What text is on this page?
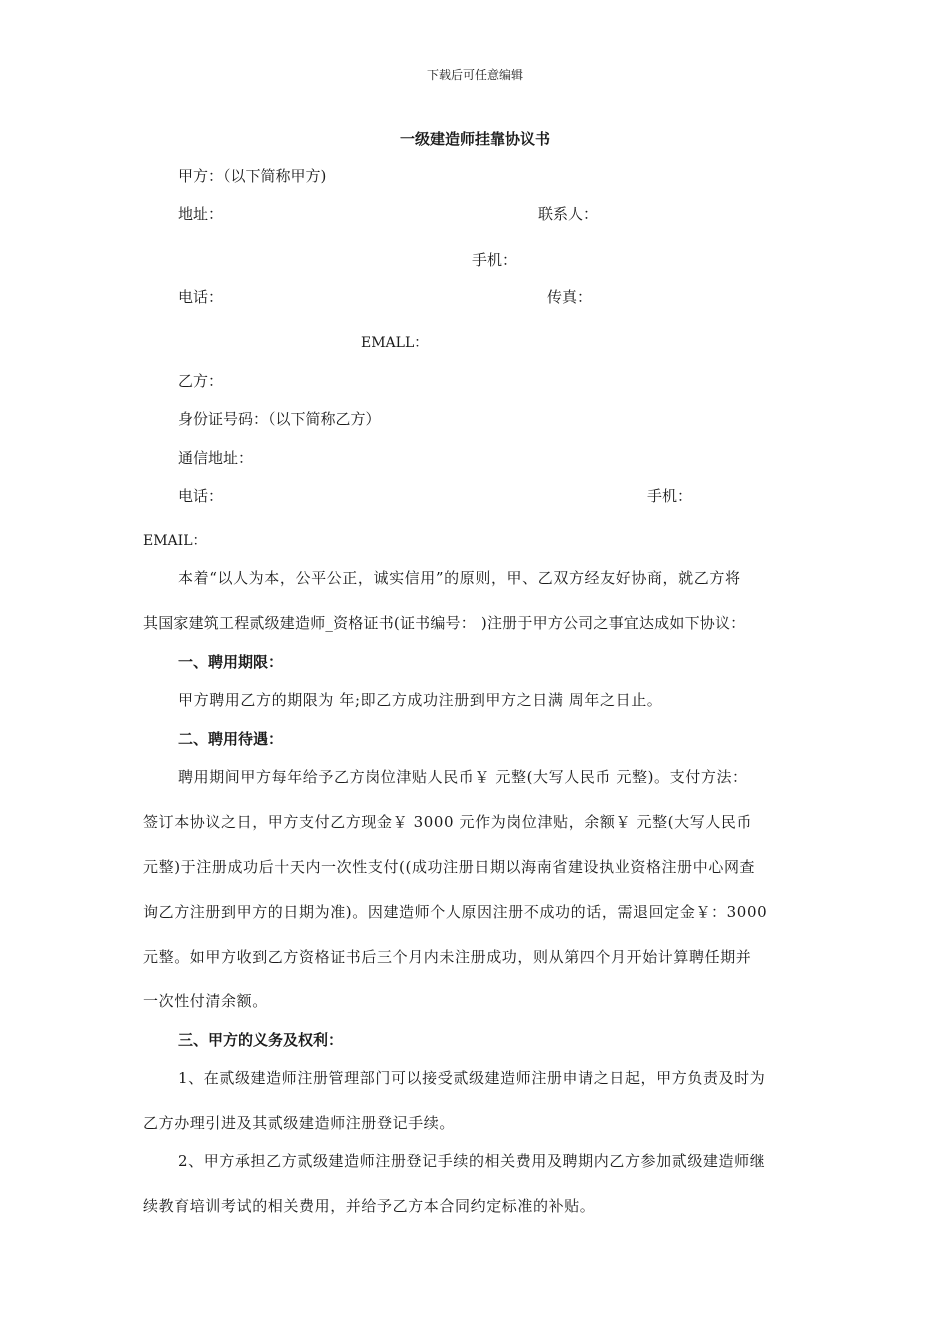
下载后可任意编辑
一级建造师挂靠协议书
甲方：（以下简称甲方)
地址：	联系人：
手机：
电话：	传真：
EMALL：
乙方：
身份证号码：（以下简称乙方）
通信地址：
电话：	手机：
EMAIL：
本着“以人为本，公平公正，诚实信用”的原则，甲、乙双方经友好协商，就乙方将
其国家建筑工程贰级建造师_资格证书(证书编号： )注册于甲方公司之事宜达成如下协议：
一、聘用期限：
甲方聘用乙方的期限为 年;即乙方成功注册到甲方之日满 周年之日止。
二、聘用待遇：
聘用期间甲方每年给予乙方岗位津贴人民币￥ 元整(大写人民币 元整)。支付方法：
签订本协议之日，甲方支付乙方现金￥ 3000 元作为岗位津贴，余额￥ 元整(大写人民币
元整)于注册成功后十天内一次性支付((成功注册日期以海南省建设执业资格注册中心网查
询乙方注册到甲方的日期为准)。因建造师个人原因注册不成功的话，需退回定金￥：3000
元整。如甲方收到乙方资格证书后三个月内未注册成功，则从第四个月开始计算聘任期并
一次性付清余额。
三、甲方的义务及权利：
1、在贰级建造师注册管理部门可以接受贰级建造师注册申请之日起，甲方负责及时为
乙方办理引进及其贰级建造师注册登记手续。
2、甲方承担乙方贰级建造师注册登记手续的相关费用及聘期内乙方参加贰级建造师继
续教育培训考试的相关费用，并给予乙方本合同约定标准的补贴。
